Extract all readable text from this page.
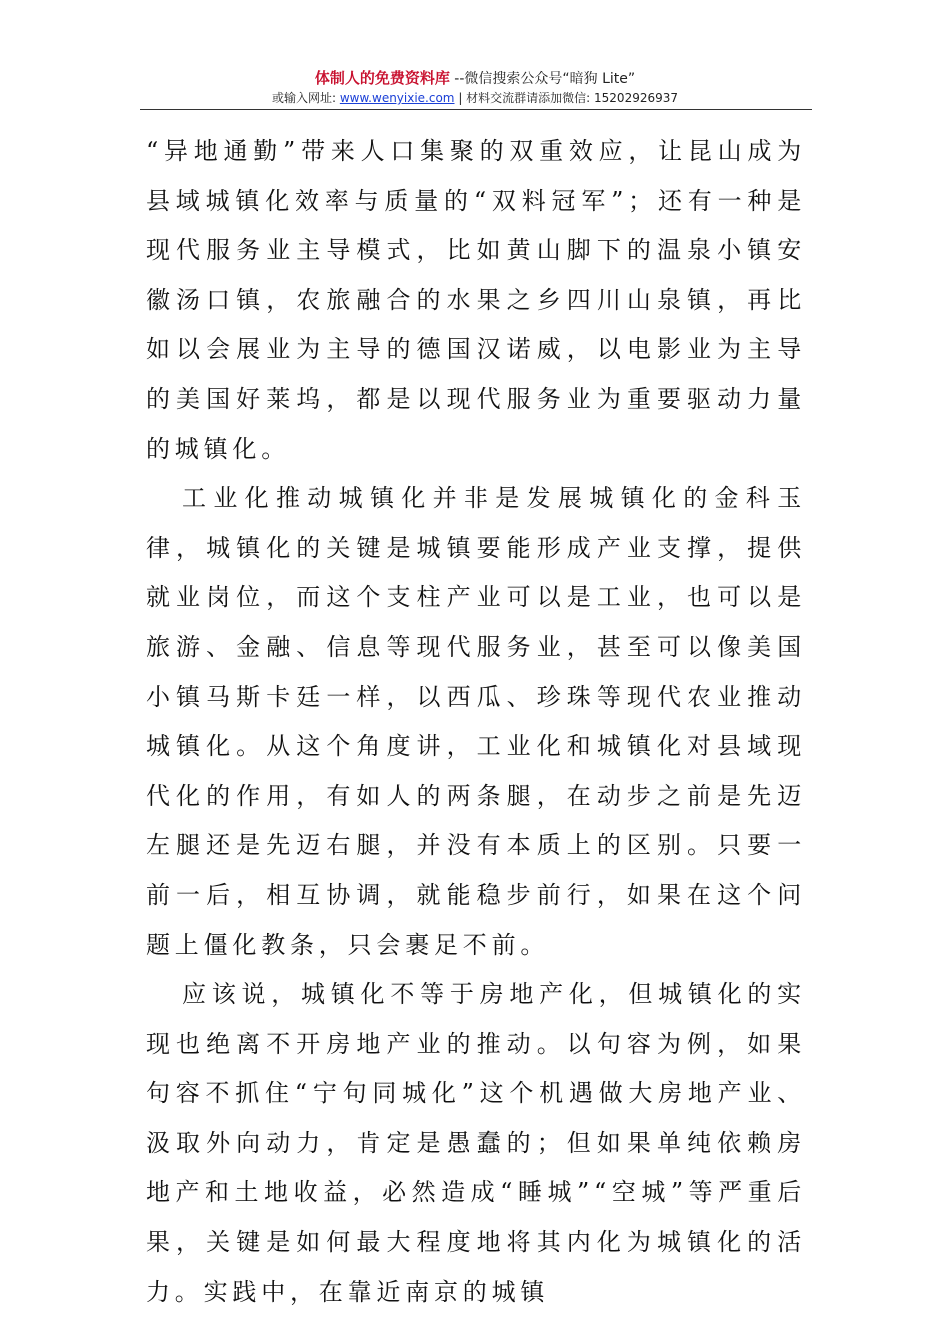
体制人的免费资料库 --微信搜索公众号“暗狗 Lite”
或输入网址: www.wenyixie.com | 材料交流群请添加微信: 15202926937

“异地通勤”带来人口集聚的双重效应，让昆山成为县域城镇化效率与质量的“双料冠军”；还有一种是现代服务业主导模式，比如黄山脚下的温泉小镇安徽汤口镇，农旅融合的水果之乡四川山泉镇，再比如以会展业为主导的德国汉诺威，以电影业为主导的美国好莱坞，都是以现代服务业为重要驱动力量的城镇化。

工业化推动城镇化并非是发展城镇化的金科玉律，城镇化的关键是城镇要能形成产业支撑，提供就业岗位，而这个支柱产业可以是工业，也可以是旅游、金融、信息等现代服务业，甚至可以像美国小镇马斯卡廷一样，以西瓜、珍珠等现代农业推动城镇化。从这个角度讲，工业化和城镇化对县域现代化的作用，有如人的两条腿，在动步之前是先迈左腿还是先迈右腿，并没有本质上的区别。只要一前一后，相互协调，就能稳步前行，如果在这个问题上僵化教条，只会裹足不前。

应该说，城镇化不等于房地产化，但城镇化的实现也绝离不开房地产业的推动。以句容为例，如果句容不抓住“宁句同城化”这个机遇做大房地产业、汲取外向动力，肯定是愚蠢的；但如果单纯依赖房地产和土地收益，必然造成“睡城”“空城”等严重后果，关键是如何最大程度地将其内化为城镇化的活力。实践中，在靠近南京的城镇
